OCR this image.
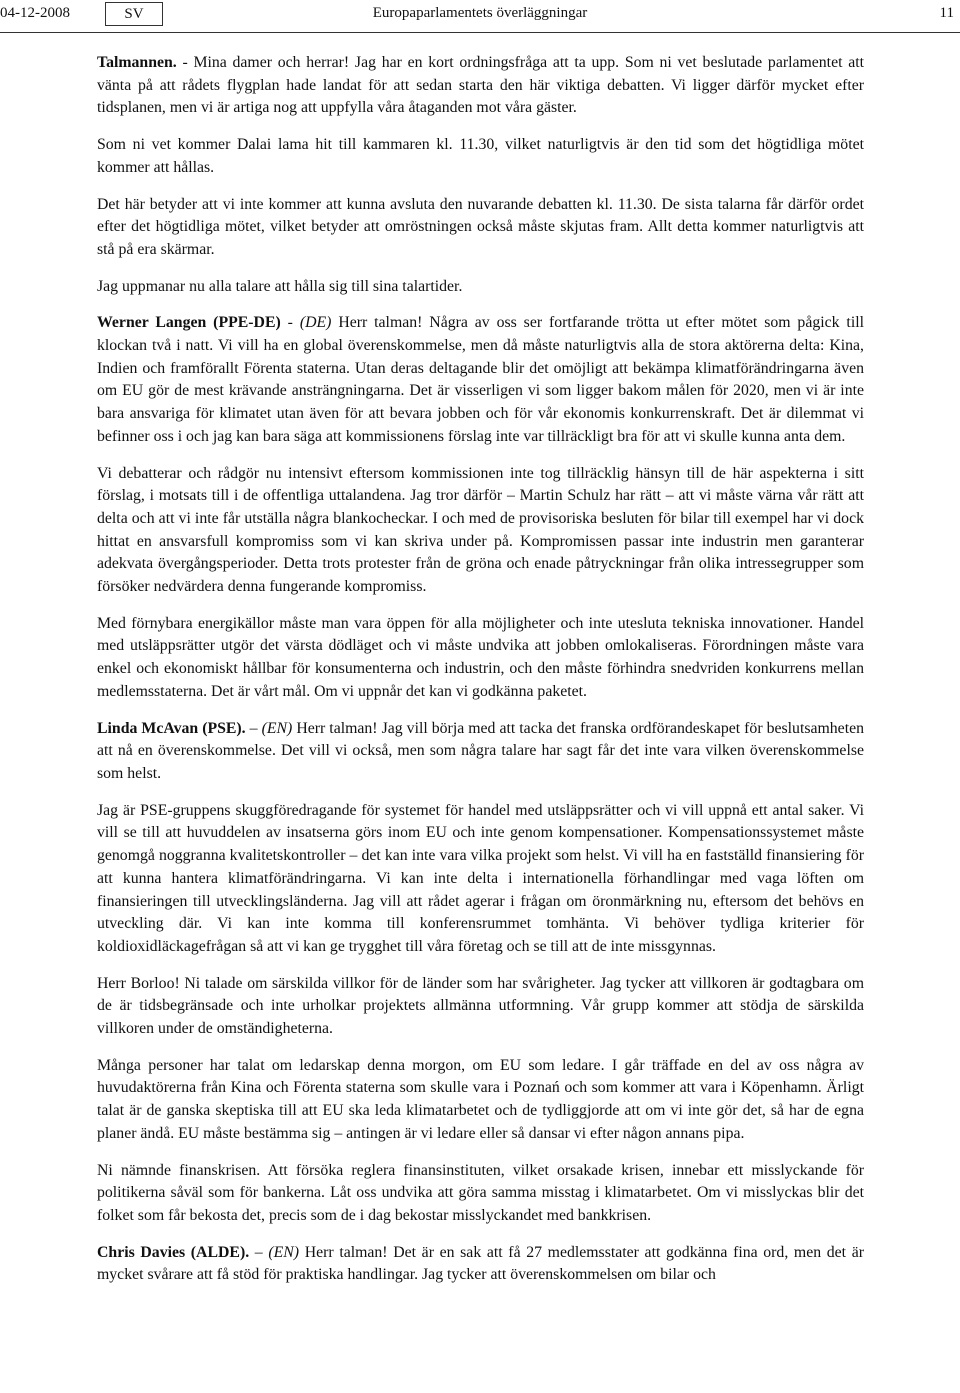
04-12-2008	SV	Europaparlamentets överläggningar	11

Talmannen. - Mina damer och herrar! Jag har en kort ordningsfråga att ta upp. Som ni vet beslutade parlamentet att vänta på att rådets flygplan hade landat för att sedan starta den här viktiga debatten. Vi ligger därför mycket efter tidsplanen, men vi är artiga nog att uppfylla våra åtaganden mot våra gäster.

Som ni vet kommer Dalai lama hit till kammaren kl. 11.30, vilket naturligtvis är den tid som det högtidliga mötet kommer att hållas.

Det här betyder att vi inte kommer att kunna avsluta den nuvarande debatten kl. 11.30. De sista talarna får därför ordet efter det högtidliga mötet, vilket betyder att omröstningen också måste skjutas fram. Allt detta kommer naturligtvis att stå på era skärmar.

Jag uppmanar nu alla talare att hålla sig till sina talartider.

Werner Langen (PPE-DE) - (DE) Herr talman! Några av oss ser fortfarande trötta ut efter mötet som pågick till klockan två i natt. Vi vill ha en global överenskommelse, men då måste naturligtvis alla de stora aktörerna delta: Kina, Indien och framförallt Förenta staterna. Utan deras deltagande blir det omöjligt att bekämpa klimatförändringarna även om EU gör de mest krävande ansträngningarna. Det är visserligen vi som ligger bakom målen för 2020, men vi är inte bara ansvariga för klimatet utan även för att bevara jobben och för vår ekonomis konkurrenskraft. Det är dilemmat vi befinner oss i och jag kan bara säga att kommissionens förslag inte var tillräckligt bra för att vi skulle kunna anta dem.

Vi debatterar och rådgör nu intensivt eftersom kommissionen inte tog tillräcklig hänsyn till de här aspekterna i sitt förslag, i motsats till i de offentliga uttalandena. Jag tror därför – Martin Schulz har rätt – att vi måste värna vår rätt att delta och att vi inte får utställa några blankocheckar. I och med de provisoriska besluten för bilar till exempel har vi dock hittat en ansvarsfull kompromiss som vi kan skriva under på. Kompromissen passar inte industrin men garanterar adekvata övergångsperioder. Detta trots protester från de gröna och enade påtryckningar från olika intressegrupper som försöker nedvärdera denna fungerande kompromiss.

Med förnybara energikällor måste man vara öppen för alla möjligheter och inte utesluta tekniska innovationer. Handel med utsläppsrätter utgör det värsta dödläget och vi måste undvika att jobben omlokaliseras. Förordningen måste vara enkel och ekonomiskt hållbar för konsumenterna och industrin, och den måste förhindra snedvriden konkurrens mellan medlemsstaterna. Det är vårt mål. Om vi uppnår det kan vi godkänna paketet.

Linda McAvan (PSE). – (EN) Herr talman! Jag vill börja med att tacka det franska ordförandeskapet för beslutsamheten att nå en överenskommelse. Det vill vi också, men som några talare har sagt får det inte vara vilken överenskommelse som helst.

Jag är PSE-gruppens skuggföredragande för systemet för handel med utsläppsrätter och vi vill uppnå ett antal saker. Vi vill se till att huvuddelen av insatserna görs inom EU och inte genom kompensationer. Kompensationssystemet måste genomgå noggranna kvalitetskontroller – det kan inte vara vilka projekt som helst. Vi vill ha en fastställd finansiering för att kunna hantera klimatförändringarna. Vi kan inte delta i internationella förhandlingar med vaga löften om finansieringen till utvecklingsländerna. Jag vill att rådet agerar i frågan om öronmärkning nu, eftersom det behövs en utveckling där. Vi kan inte komma till konferensrummet tomhänta. Vi behöver tydliga kriterier för koldioxidläckagefrågan så att vi kan ge trygghet till våra företag och se till att de inte missgynnas.

Herr Borloo! Ni talade om särskilda villkor för de länder som har svårigheter. Jag tycker att villkoren är godtagbara om de är tidsbegränsade och inte urholkar projektets allmänna utformning. Vår grupp kommer att stödja de särskilda villkoren under de omständigheterna.

Många personer har talat om ledarskap denna morgon, om EU som ledare. I går träffade en del av oss några av huvudaktörerna från Kina och Förenta staterna som skulle vara i Poznań och som kommer att vara i Köpenhamn. Ärligt talat är de ganska skeptiska till att EU ska leda klimatarbetet och de tydliggjorde att om vi inte gör det, så har de egna planer ändå. EU måste bestämma sig – antingen är vi ledare eller så dansar vi efter någon annans pipa.

Ni nämnde finanskrisen. Att försöka reglera finansinstituten, vilket orsakade krisen, innebar ett misslyckande för politikerna såväl som för bankerna. Låt oss undvika att göra samma misstag i klimatarbetet. Om vi misslyckas blir det folket som får bekosta det, precis som de i dag bekostar misslyckandet med bankkrisen.

Chris Davies (ALDE). – (EN) Herr talman! Det är en sak att få 27 medlemsstater att godkänna fina ord, men det är mycket svårare att få stöd för praktiska handlingar. Jag tycker att överenskommelsen om bilar och
